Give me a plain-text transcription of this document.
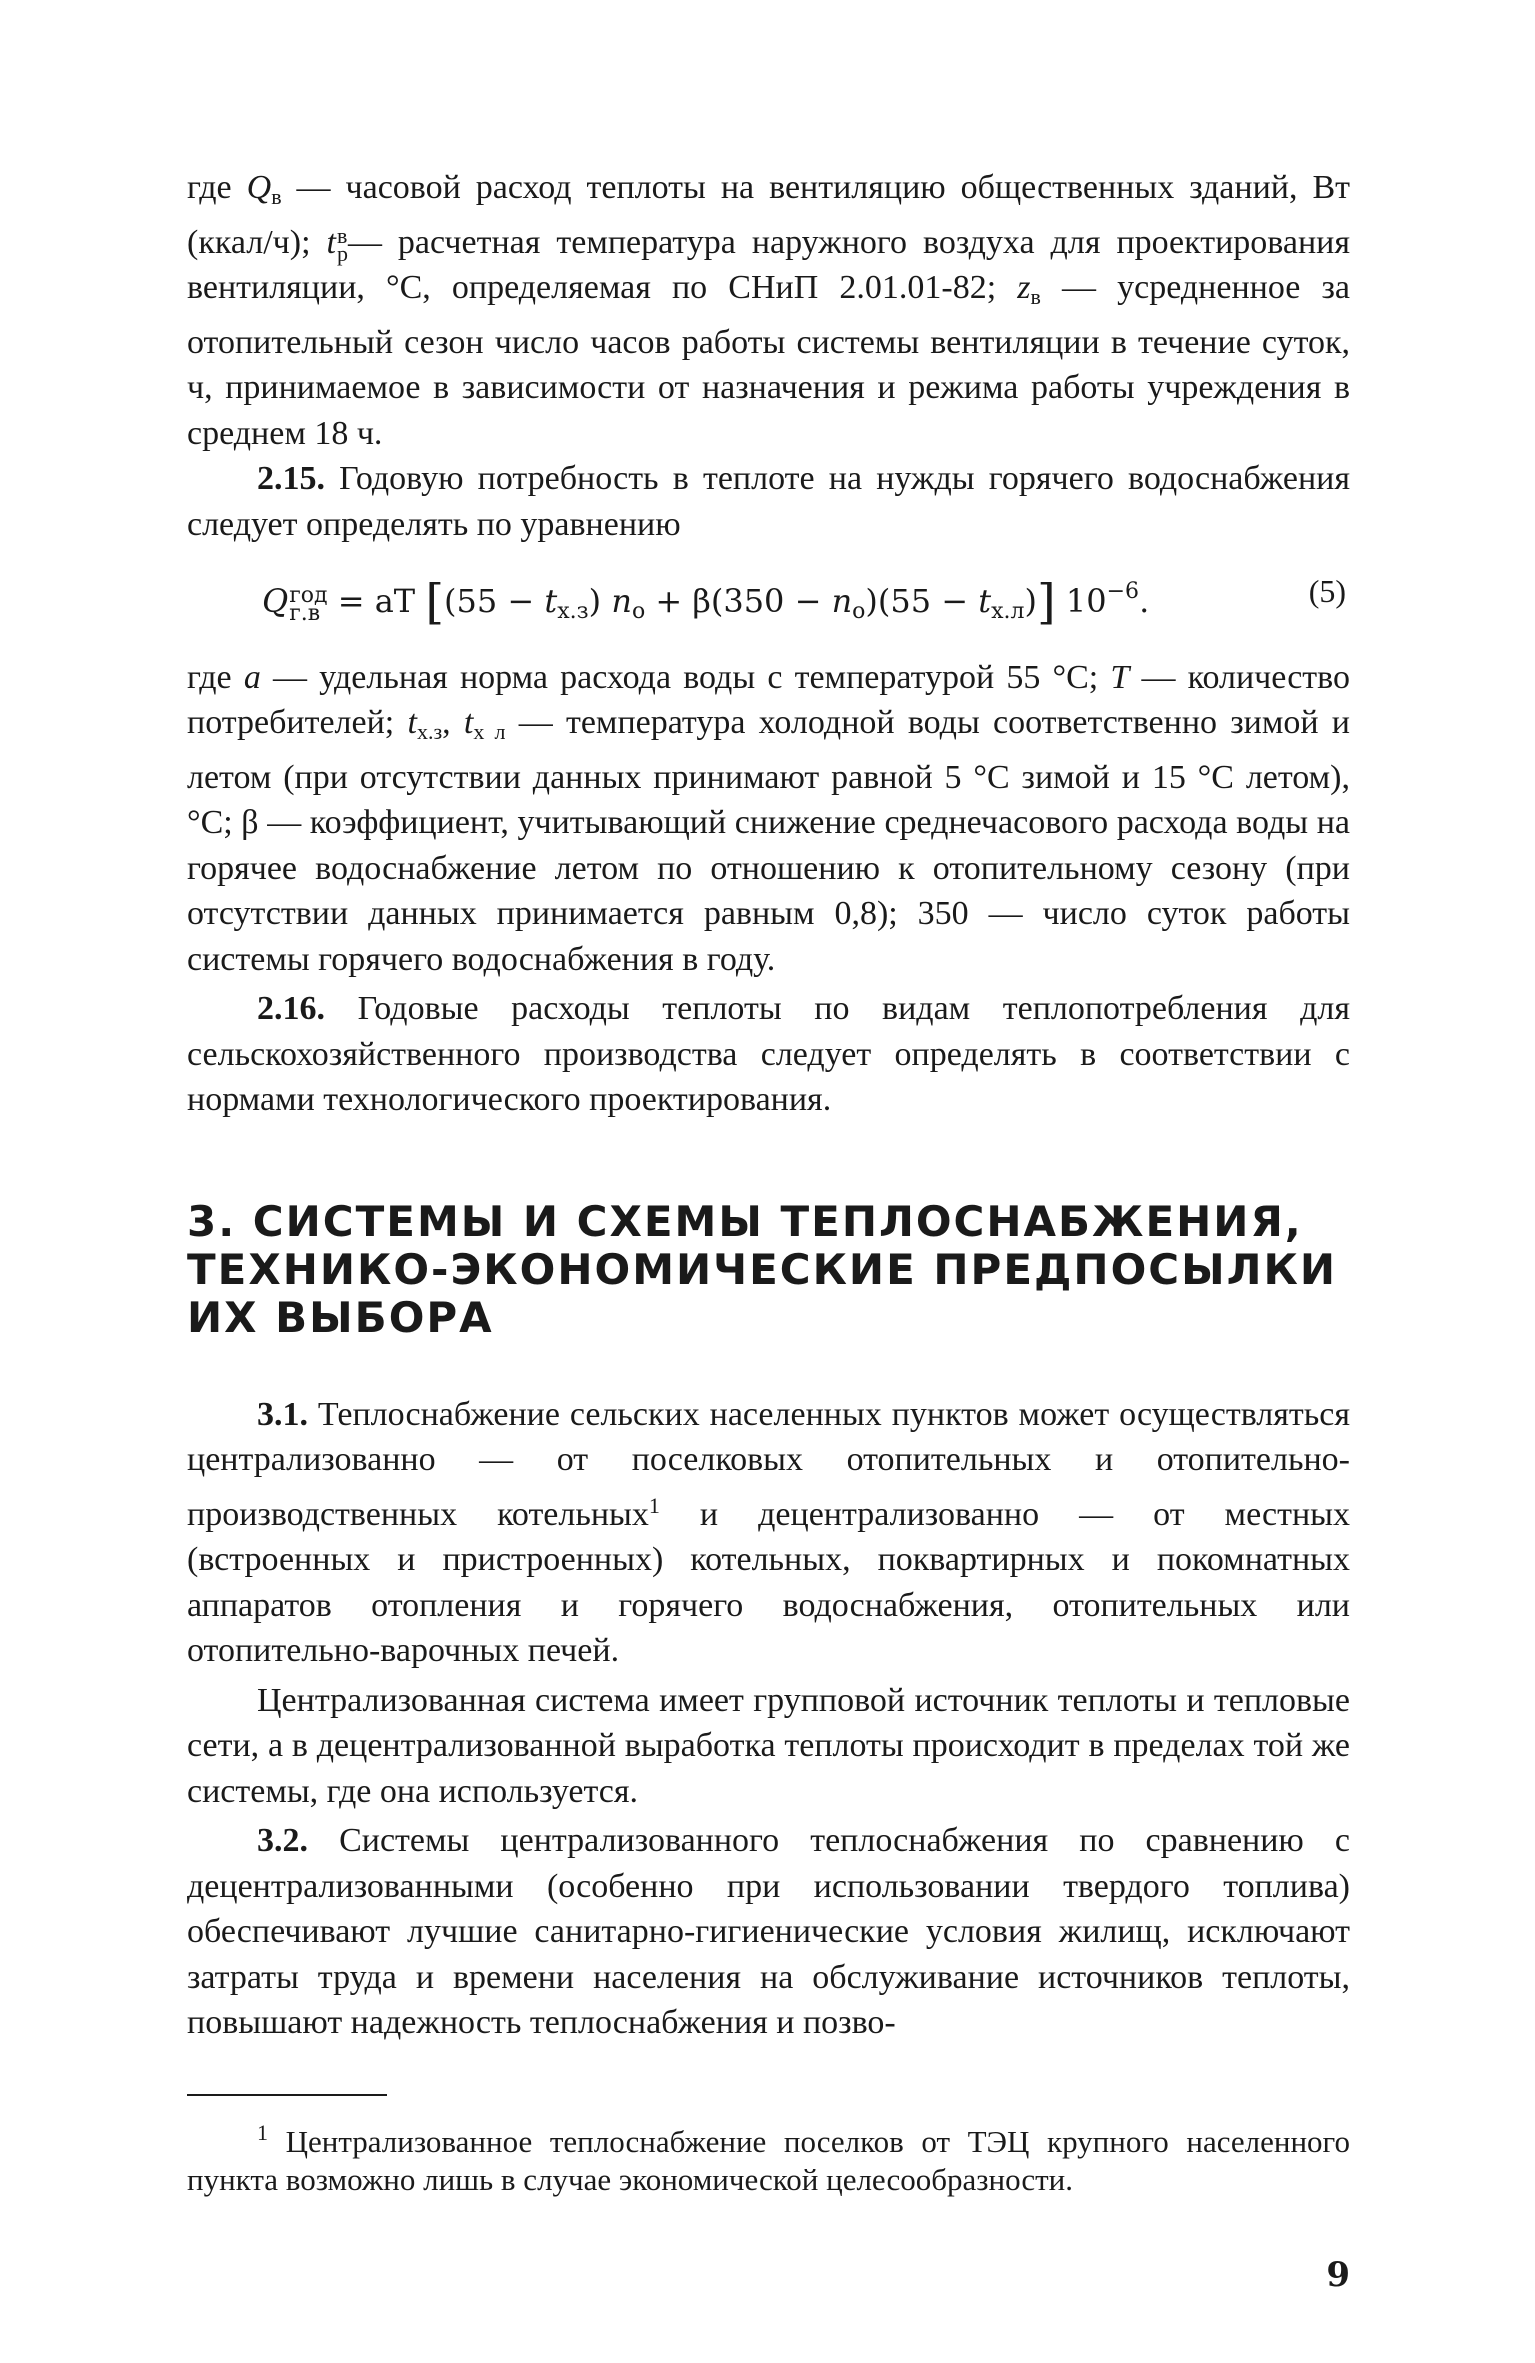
где $Q_в$ — часовой расход теплоты на вентиляцию общественных зданий, Вт (ккал/ч); t в
р — расчетная температура наружного воздуха для проектирования вентиляции, °С, определяемая по СНиП 2.01.01-82; $z_в$ — усредненное за отопительный сезон число часов работы системы вентиляции в течение суток, ч, принимаемое в зависимости от назначения и режима работы учреждения в среднем 18 ч.

2.15. Годовую потребность в теплоте на нужды горячего водоснабжения следует определять по уравнению

Q год
г.в = aT [$(55 - t_{х.з})$ $n_o + \beta(350 - n_o)(55 - t_{х.л})$] $10^{-6}$.	(5)

где a — удельная норма расхода воды с температурой 55 °С; T — количество потребителей; $t_{х.з}$, $t_{х л}$ — температура холодной воды соответственно зимой и летом (при отсутствии данных принимают равной 5 °С зимой и 15 °С летом), °С; β — коэффициент, учитывающий снижение среднечасового расхода воды на горячее водоснабжение летом по отношению к отопительному сезону (при отсутствии данных принимается равным 0,8); 350 — число суток работы системы горячего водоснабжения в году.

2.16. Годовые расходы теплоты по видам теплопотребления для сельскохозяйственного производства следует определять в соответствии с нормами технологического проектирования.

3. СИСТЕМЫ И СХЕМЫ ТЕПЛОСНАБЖЕНИЯ,
ТЕХНИКО-ЭКОНОМИЧЕСКИЕ ПРЕДПОСЫЛКИ
ИХ ВЫБОРА

3.1. Теплоснабжение сельских населенных пунктов может осуществляться централизованно — от поселковых отопительных и отопительно-производственных котельных$^1$ и децентрализованно — от местных (встроенных и пристроенных) котельных, поквартирных и покомнатных аппаратов отопления и горячего водоснабжения, отопительных или отопительно-варочных печей.

Централизованная система имеет групповой источник теплоты и тепловые сети, а в децентрализованной выработка теплоты происходит в пределах той же системы, где она используется.

3.2. Системы централизованного теплоснабжения по сравнению с децентрализованными (особенно при использовании твердого топлива) обеспечивают лучшие санитарно-гигиенические условия жилищ, исключают затраты труда и времени населения на обслуживание источников теплоты, повышают надежность теплоснабжения и позво-

$^1$ Централизованное теплоснабжение поселков от ТЭЦ крупного населенного пункта возможно лишь в случае экономической целесообразности.

9
